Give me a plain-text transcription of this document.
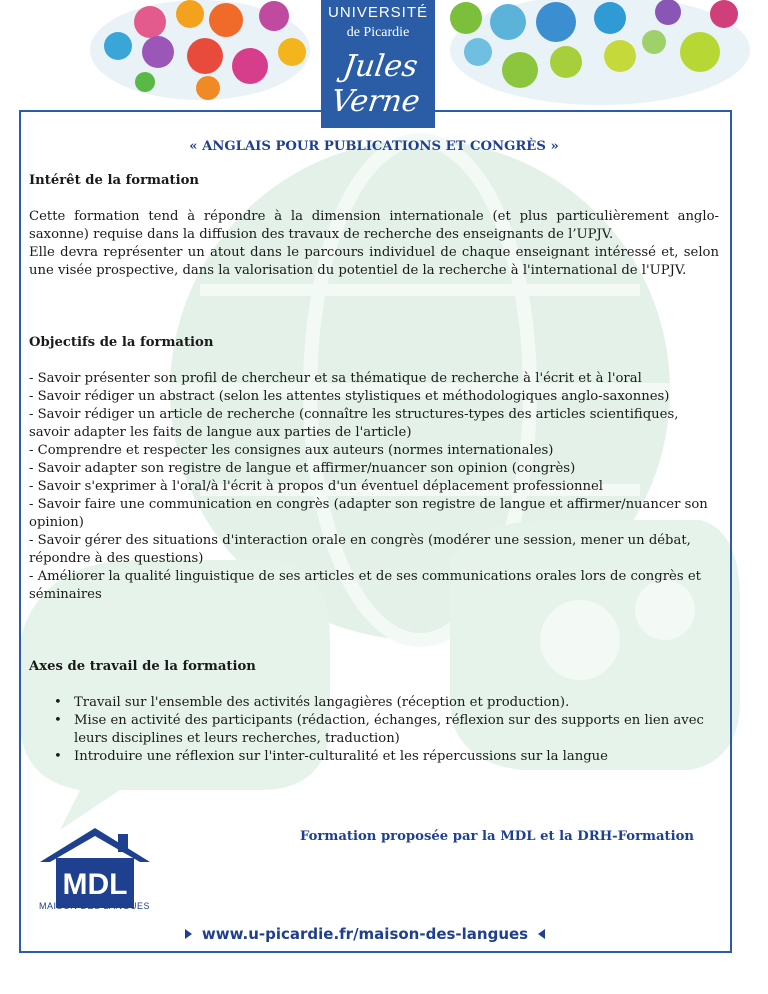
UNIVERSITÉ
de Picardie
Jules Verne
« ANGLAIS POUR PUBLICATIONS ET CONGRÈS »

Intérêt de la formation

Cette formation tend à répondre à la dimension internationale (et plus particulièrement anglo-saxonne) requise dans la diffusion des travaux de recherche des enseignants de l’UPJV.

Elle devra représenter un atout dans le parcours individuel de chaque enseignant intéressé et, selon une visée prospective, dans la valorisation du potentiel de la recherche à l'international de l'UPJV.

Objectifs de la formation

- Savoir présenter son profil de chercheur et sa thématique de recherche à l'écrit et à l'oral

- Savoir rédiger un abstract (selon les attentes stylistiques et méthodologiques anglo-saxonnes)

- Savoir rédiger un article de recherche (connaître les structures-types des articles scientifiques, savoir adapter les faits de langue aux parties de l'article)

- Comprendre et respecter les consignes aux auteurs (normes internationales)

- Savoir adapter son registre de langue et affirmer/nuancer son opinion (congrès)

- Savoir s'exprimer à l'oral/à l'écrit à propos d'un éventuel déplacement professionnel

- Savoir faire une communication en congrès (adapter son registre de langue et affirmer/nuancer son opinion)

- Savoir gérer des situations d'interaction orale en congrès (modérer une session, mener un débat, répondre à des questions)

- Améliorer la qualité linguistique de ses articles et de ses communications orales lors de congrès et séminaires

Axes de travail de la formation

• Travail sur l'ensemble des activités langagières (réception et production).
• Mise en activité des participants (rédaction, échanges, réflexion sur des supports en lien avec leurs disciplines et leurs recherches, traduction)
• Introduire une réflexion sur l'inter-culturalité et les répercussions sur la langue
Formation proposée par la MDL et la DRH-Formation
MDL
MAISON DES LANGUES
www.u-picardie.fr/maison-des-langues
